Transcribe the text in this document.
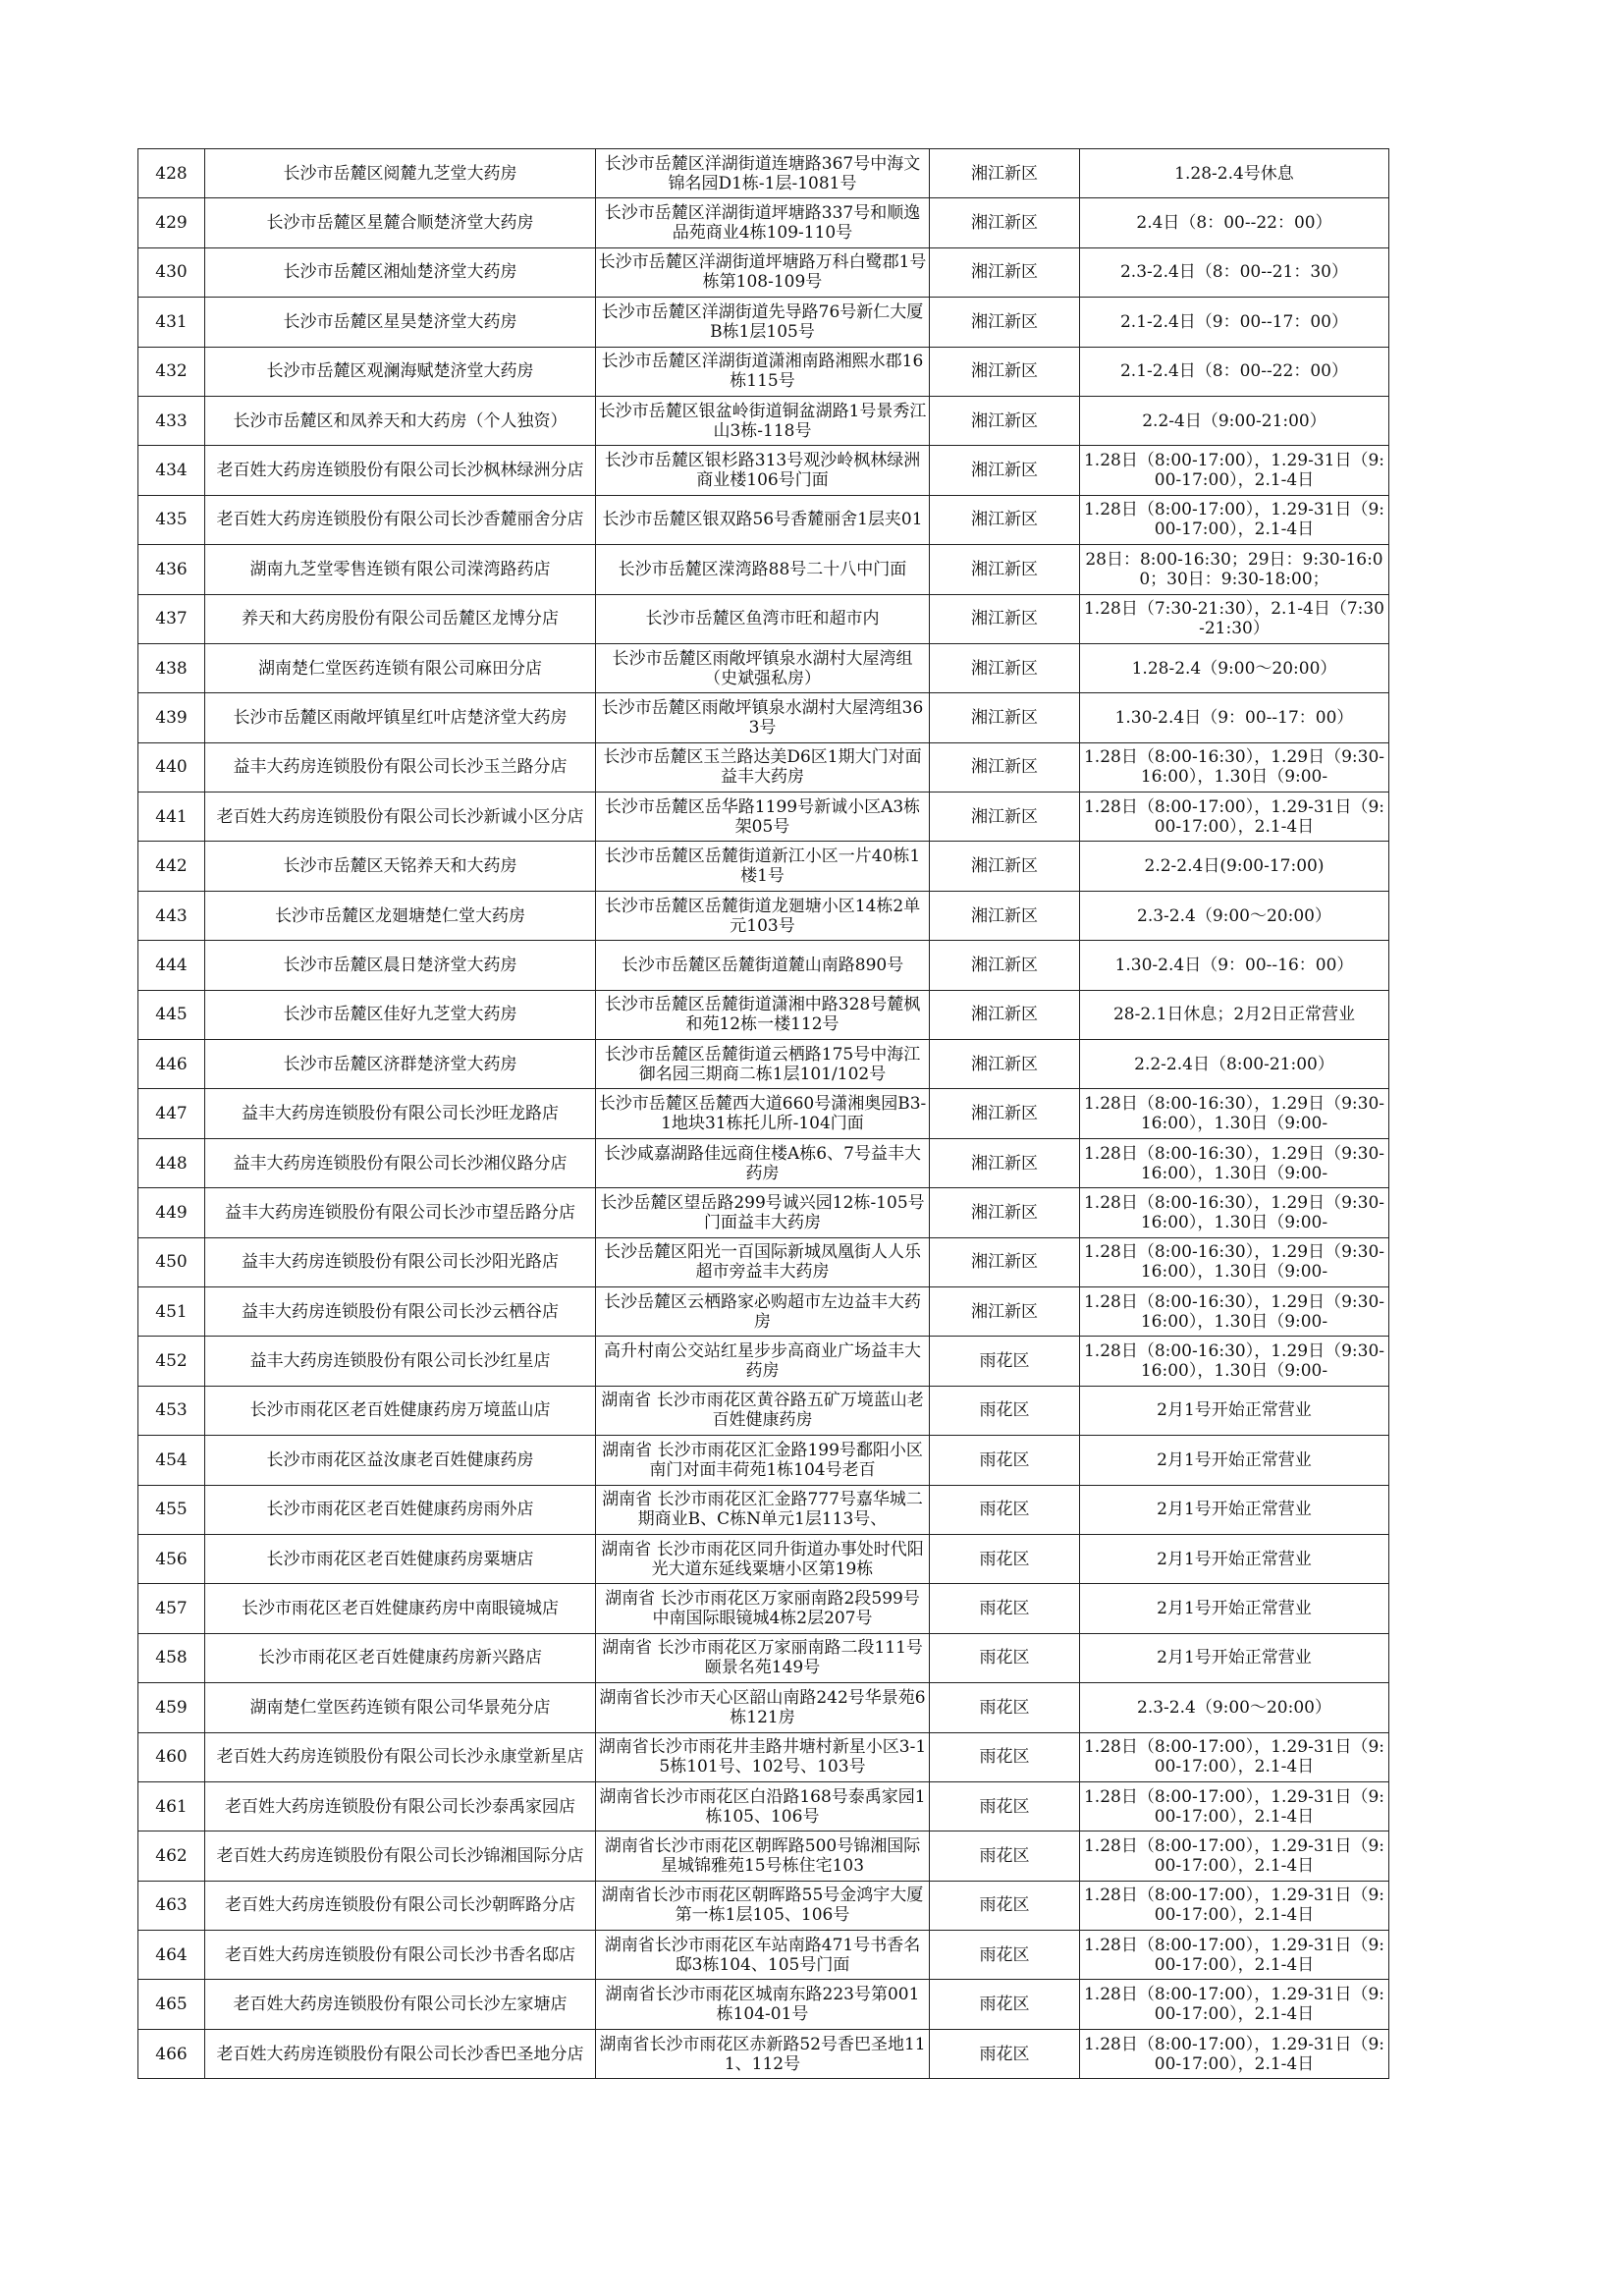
428	长沙市岳麓区阅麓九芝堂大药房	长沙市岳麓区洋湖街道连塘路367号中海文锦名园D1栋-1层-1081号	湘江新区	1.28-2.4号休息

429	长沙市岳麓区星麓合顺楚济堂大药房	长沙市岳麓区洋湖街道坪塘路337号和顺逸品苑商业4栋109-110号	湘江新区	2.4日（8：00--22：00）

430	长沙市岳麓区湘灿楚济堂大药房	长沙市岳麓区洋湖街道坪塘路万科白鹭郡1号栋第108-109号	湘江新区	2.3-2.4日（8：00--21：30）

431	长沙市岳麓区星昊楚济堂大药房	长沙市岳麓区洋湖街道先导路76号新仁大厦B栋1层105号	湘江新区	2.1-2.4日（9：00--17：00）

432	长沙市岳麓区观澜海赋楚济堂大药房	长沙市岳麓区洋湖街道潇湘南路湘熙水郡16栋115号	湘江新区	2.1-2.4日（8：00--22：00）

433	长沙市岳麓区和凤养天和大药房（个人独资）	长沙市岳麓区银盆岭街道铜盆湖路1号景秀江山3栋-118号	湘江新区	2.2-4日（9:00-21:00）

434	老百姓大药房连锁股份有限公司长沙枫林绿洲分店	长沙市岳麓区银杉路313号观沙岭枫林绿洲商业楼106号门面	湘江新区	1.28日（8:00-17:00），1.29-31日（9:00-17:00），2.1-4日

435	老百姓大药房连锁股份有限公司长沙香麓丽舍分店	长沙市岳麓区银双路56号香麓丽舍1层夹01	湘江新区	1.28日（8:00-17:00），1.29-31日（9:00-17:00），2.1-4日

436	湖南九芝堂零售连锁有限公司溁湾路药店	长沙市岳麓区溁湾路88号二十八中门面	湘江新区	28日：8:00-16:30；29日：9:30-16:00；30日：9:30-18:00；

437	养天和大药房股份有限公司岳麓区龙博分店	长沙市岳麓区鱼湾市旺和超市内	湘江新区	1.28日（7:30-21:30），2.1-4日（7:30-21:30）

438	湖南楚仁堂医药连锁有限公司麻田分店	长沙市岳麓区雨敞坪镇泉水湖村大屋湾组（史斌强私房）	湘江新区	1.28-2.4（9:00～20:00）

439	长沙市岳麓区雨敞坪镇星红叶店楚济堂大药房	长沙市岳麓区雨敞坪镇泉水湖村大屋湾组363号	湘江新区	1.30-2.4日（9：00--17：00）

440	益丰大药房连锁股份有限公司长沙玉兰路分店	长沙市岳麓区玉兰路达美D6区1期大门对面益丰大药房	湘江新区	1.28日（8:00-16:30），1.29日（9:30-16:00），1.30日（9:00-

441	老百姓大药房连锁股份有限公司长沙新诚小区分店	长沙市岳麓区岳华路1199号新诚小区A3栋架05号	湘江新区	1.28日（8:00-17:00），1.29-31日（9:00-17:00），2.1-4日

442	长沙市岳麓区天铭养天和大药房	长沙市岳麓区岳麓街道新江小区一片40栋1楼1号	湘江新区	2.2-2.4日(9:00-17:00)

443	长沙市岳麓区龙廻塘楚仁堂大药房	长沙市岳麓区岳麓街道龙廻塘小区14栋2单元103号	湘江新区	2.3-2.4（9:00～20:00）

444	长沙市岳麓区晨日楚济堂大药房	长沙市岳麓区岳麓街道麓山南路890号	湘江新区	1.30-2.4日（9：00--16：00）

445	长沙市岳麓区佳好九芝堂大药房	长沙市岳麓区岳麓街道潇湘中路328号麓枫和苑12栋一楼112号	湘江新区	28-2.1日休息；2月2日正常营业

446	长沙市岳麓区济群楚济堂大药房	长沙市岳麓区岳麓街道云栖路175号中海江御名园三期商二栋1层101/102号	湘江新区	2.2-2.4日（8:00-21:00）

447	益丰大药房连锁股份有限公司长沙旺龙路店	长沙市岳麓区岳麓西大道660号潇湘奥园B3-1地块31栋托儿所-104门面	湘江新区	1.28日（8:00-16:30），1.29日（9:30-16:00），1.30日（9:00-

448	益丰大药房连锁股份有限公司长沙湘仪路分店	长沙咸嘉湖路佳远商住楼A栋6、7号益丰大药房	湘江新区	1.28日（8:00-16:30），1.29日（9:30-16:00），1.30日（9:00-

449	益丰大药房连锁股份有限公司长沙市望岳路分店	长沙岳麓区望岳路299号诚兴园12栋-105号门面益丰大药房	湘江新区	1.28日（8:00-16:30），1.29日（9:30-16:00），1.30日（9:00-

450	益丰大药房连锁股份有限公司长沙阳光路店	长沙岳麓区阳光一百国际新城凤凰街人人乐超市旁益丰大药房	湘江新区	1.28日（8:00-16:30），1.29日（9:30-16:00），1.30日（9:00-

451	益丰大药房连锁股份有限公司长沙云栖谷店	长沙岳麓区云栖路家必购超市左边益丰大药房	湘江新区	1.28日（8:00-16:30），1.29日（9:30-16:00），1.30日（9:00-

452	益丰大药房连锁股份有限公司长沙红星店	高升村南公交站红星步步高商业广场益丰大药房	雨花区	1.28日（8:00-16:30），1.29日（9:30-16:00），1.30日（9:00-

453	长沙市雨花区老百姓健康药房万境蓝山店	湖南省 长沙市雨花区黄谷路五矿万境蓝山老百姓健康药房	雨花区	2月1号开始正常营业

454	长沙市雨花区益汝康老百姓健康药房	湖南省 长沙市雨花区汇金路199号鄱阳小区南门对面丰荷苑1栋104号老百	雨花区	2月1号开始正常营业

455	长沙市雨花区老百姓健康药房雨外店	湖南省 长沙市雨花区汇金路777号嘉华城二期商业B、C栋N单元1层113号、	雨花区	2月1号开始正常营业

456	长沙市雨花区老百姓健康药房粟塘店	湖南省 长沙市雨花区同升街道办事处时代阳光大道东延线粟塘小区第19栋	雨花区	2月1号开始正常营业

457	长沙市雨花区老百姓健康药房中南眼镜城店	湖南省 长沙市雨花区万家丽南路2段599号中南国际眼镜城4栋2层207号	雨花区	2月1号开始正常营业

458	长沙市雨花区老百姓健康药房新兴路店	湖南省 长沙市雨花区万家丽南路二段111号颐景名苑149号	雨花区	2月1号开始正常营业

459	湖南楚仁堂医药连锁有限公司华景苑分店	湖南省长沙市天心区韶山南路242号华景苑6栋121房	雨花区	2.3-2.4（9:00～20:00）

460	老百姓大药房连锁股份有限公司长沙永康堂新星店	湖南省长沙市雨花井圭路井塘村新星小区3-15栋101号、102号、103号	雨花区	1.28日（8:00-17:00），1.29-31日（9:00-17:00），2.1-4日

461	老百姓大药房连锁股份有限公司长沙泰禹家园店	湖南省长沙市雨花区白沿路168号泰禹家园1栋105、106号	雨花区	1.28日（8:00-17:00），1.29-31日（9:00-17:00），2.1-4日

462	老百姓大药房连锁股份有限公司长沙锦湘国际分店	湖南省长沙市雨花区朝晖路500号锦湘国际星城锦雅苑15号栋住宅103	雨花区	1.28日（8:00-17:00），1.29-31日（9:00-17:00），2.1-4日

463	老百姓大药房连锁股份有限公司长沙朝晖路分店	湖南省长沙市雨花区朝晖路55号金鸿宇大厦第一栋1层105、106号	雨花区	1.28日（8:00-17:00），1.29-31日（9:00-17:00），2.1-4日

464	老百姓大药房连锁股份有限公司长沙书香名邸店	湖南省长沙市雨花区车站南路471号书香名邸3栋104、105号门面	雨花区	1.28日（8:00-17:00），1.29-31日（9:00-17:00），2.1-4日

465	老百姓大药房连锁股份有限公司长沙左家塘店	湖南省长沙市雨花区城南东路223号第001栋104-01号	雨花区	1.28日（8:00-17:00），1.29-31日（9:00-17:00），2.1-4日

466	老百姓大药房连锁股份有限公司长沙香巴圣地分店	湖南省长沙市雨花区赤新路52号香巴圣地111、112号	雨花区	1.28日（8:00-17:00），1.29-31日（9:00-17:00），2.1-4日
